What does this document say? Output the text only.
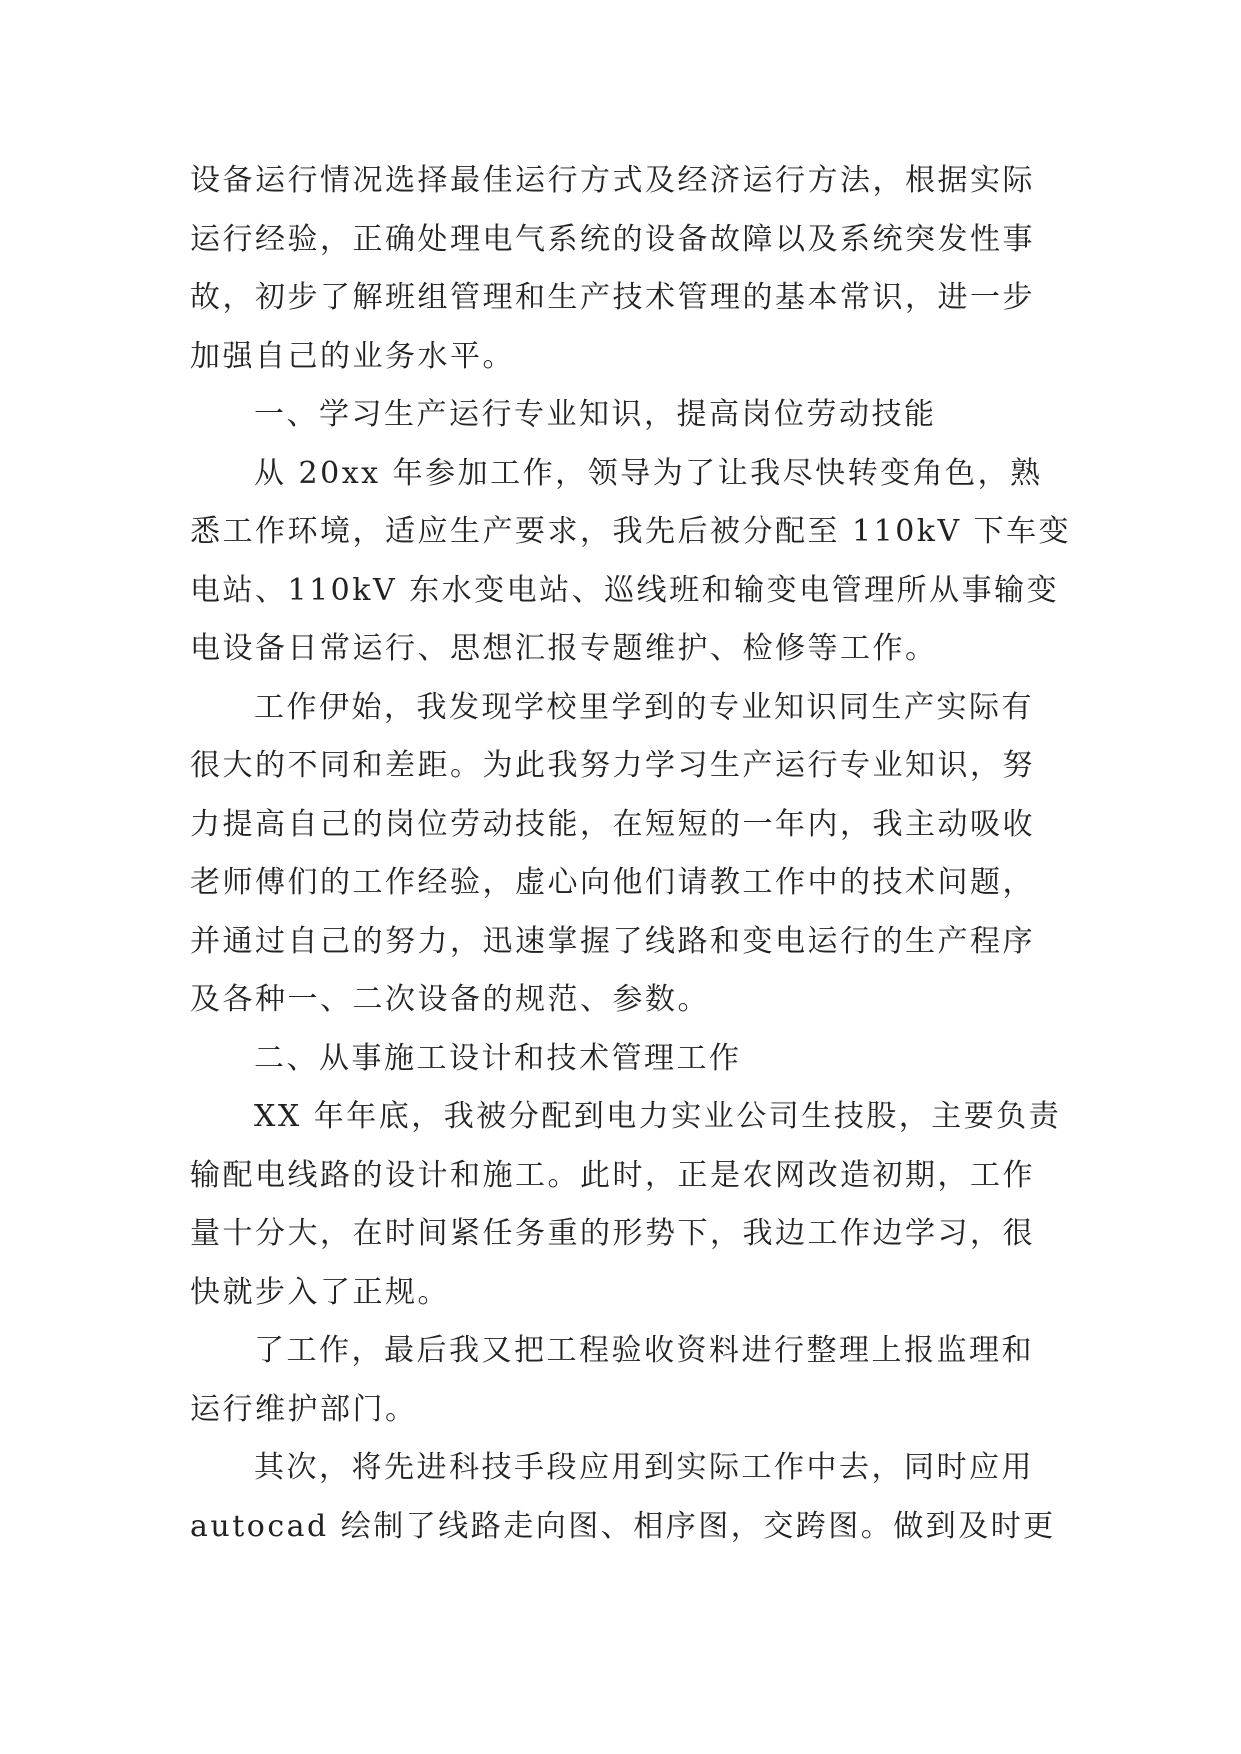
设备运行情况选择最佳运行方式及经济运行方法，根据实际
运行经验，正确处理电气系统的设备故障以及系统突发性事
故，初步了解班组管理和生产技术管理的基本常识，进一步
加强自己的业务水平。
一、学习生产运行专业知识，提高岗位劳动技能
从 20xx 年参加工作，领导为了让我尽快转变角色，熟
悉工作环境，适应生产要求，我先后被分配至 110kV 下车变
电站、110kV 东水变电站、巡线班和输变电管理所从事输变
电设备日常运行、思想汇报专题维护、检修等工作。
工作伊始，我发现学校里学到的专业知识同生产实际有
很大的不同和差距。为此我努力学习生产运行专业知识，努
力提高自己的岗位劳动技能，在短短的一年内，我主动吸收
老师傅们的工作经验，虚心向他们请教工作中的技术问题，
并通过自己的努力，迅速掌握了线路和变电运行的生产程序
及各种一、二次设备的规范、参数。
二、从事施工设计和技术管理工作
XX 年年底，我被分配到电力实业公司生技股，主要负责
输配电线路的设计和施工。此时，正是农网改造初期，工作
量十分大，在时间紧任务重的形势下，我边工作边学习，很
快就步入了正规。
了工作，最后我又把工程验收资料进行整理上报监理和
运行维护部门。
其次，将先进科技手段应用到实际工作中去，同时应用
autocad 绘制了线路走向图、相序图，交跨图。做到及时更
